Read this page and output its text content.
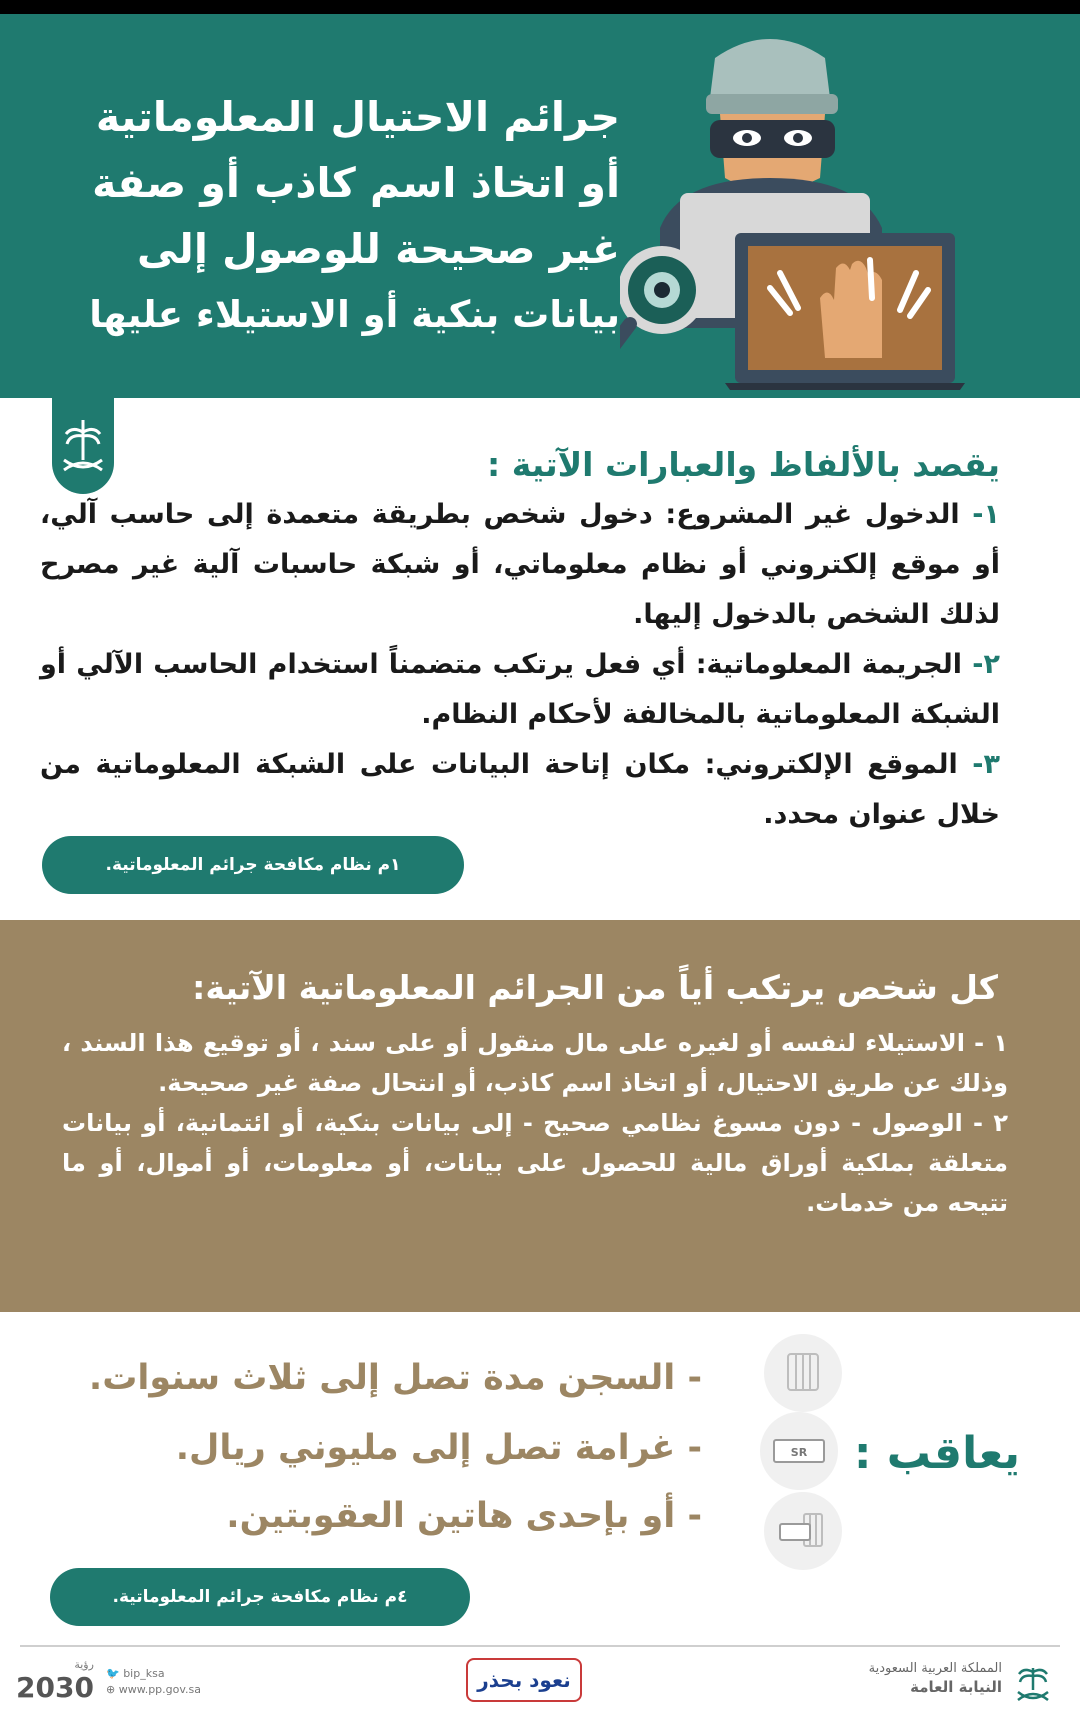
جرائم الاحتيال المعلوماتية
أو اتخاذ اسم كاذب أو صفة
غير صحيحة للوصول إلى
بيانات بنكية أو الاستيلاء عليها
يقصد بالألفاظ والعبارات الآتية :
١- الدخول غير المشروع: دخول شخص بطريقة متعمدة إلى حاسب آلي، أو موقع إلكتروني أو نظام معلوماتي، أو شبكة حاسبات آلية غير مصرح لذلك الشخص بالدخول إليها.
٢- الجريمة المعلوماتية: أي فعل يرتكب متضمناً استخدام الحاسب الآلي أو الشبكة المعلوماتية بالمخالفة لأحكام النظام.
٣- الموقع الإلكتروني: مكان إتاحة البيانات على الشبكة المعلوماتية من خلال عنوان محدد.
١م نظام مكافحة جرائم المعلوماتية.
كل شخص يرتكب أياً من الجرائم المعلوماتية الآتية:
١ - الاستيلاء لنفسه أو لغيره على مال منقول أو على سند ، أو توقيع هذا السند ، وذلك عن طريق الاحتيال، أو اتخاذ اسم كاذب، أو انتحال صفة غير صحيحة.
٢ - الوصول - دون مسوغ نظامي صحيح - إلى بيانات بنكية، أو ائتمانية، أو بيانات متعلقة بملكية أوراق مالية للحصول على بيانات، أو معلومات، أو أموال، أو ما تتيحه من خدمات.
- السجن مدة تصل إلى ثلاث سنوات.
- غرامة تصل إلى مليوني ريال.
- أو بإحدى هاتين العقوبتين.
يعاقب :
SR
٤م نظام مكافحة جرائم المعلوماتية.
رؤية
2030 🐦 bip_ksa
⊕ www.pp.gov.sa	نعود بحذر	المملكة العربية السعودية
النيابة العامة
